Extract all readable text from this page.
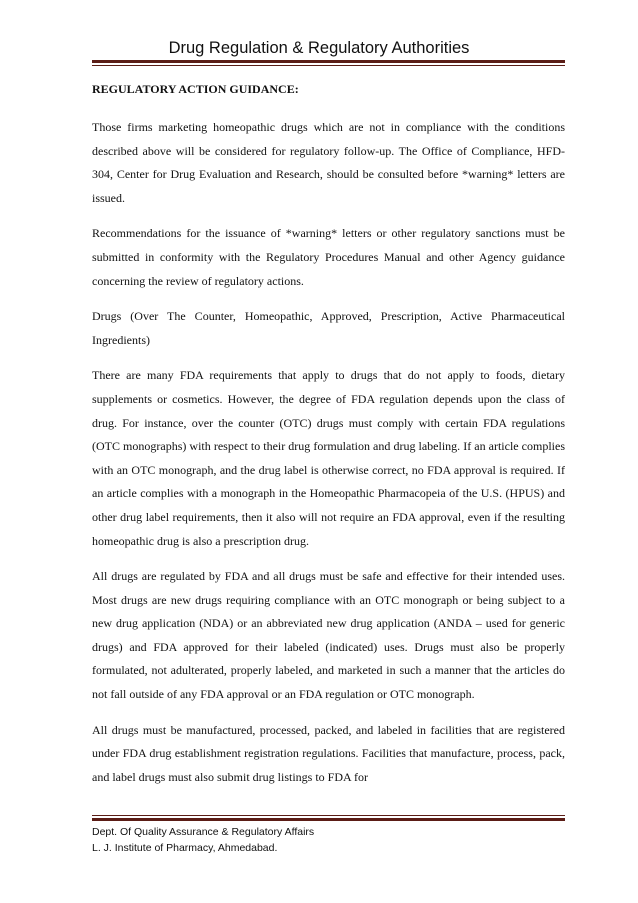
Drug Regulation & Regulatory Authorities

REGULATORY ACTION GUIDANCE:

Those firms marketing homeopathic drugs which are not in compliance with the conditions described above will be considered for regulatory follow-up. The Office of Compliance, HFD-304, Center for Drug Evaluation and Research, should be consulted before *warning* letters are issued.

Recommendations for the issuance of *warning* letters or other regulatory sanctions must be submitted in conformity with the Regulatory Procedures Manual and other Agency guidance concerning the review of regulatory actions.

Drugs (Over The Counter, Homeopathic, Approved, Prescription, Active Pharmaceutical Ingredients)

There are many FDA requirements that apply to drugs that do not apply to foods, dietary supplements or cosmetics. However, the degree of FDA regulation depends upon the class of drug. For instance, over the counter (OTC) drugs must comply with certain FDA regulations (OTC monographs) with respect to their drug formulation and drug labeling. If an article complies with an OTC monograph, and the drug label is otherwise correct, no FDA approval is required. If an article complies with a monograph in the Homeopathic Pharmacopeia of the U.S. (HPUS) and other drug label requirements, then it also will not require an FDA approval, even if the resulting homeopathic drug is also a prescription drug.

All drugs are regulated by FDA and all drugs must be safe and effective for their intended uses. Most drugs are new drugs requiring compliance with an OTC monograph or being subject to a new drug application (NDA) or an abbreviated new drug application (ANDA – used for generic drugs) and FDA approved for their labeled (indicated) uses. Drugs must also be properly formulated, not adulterated, properly labeled, and marketed in such a manner that the articles do not fall outside of any FDA approval or an FDA regulation or OTC monograph.

All drugs must be manufactured, processed, packed, and labeled in facilities that are registered under FDA drug establishment registration regulations. Facilities that manufacture, process, pack, and label drugs must also submit drug listings to FDA for

Dept. Of Quality Assurance & Regulatory Affairs
L. J. Institute of Pharmacy, Ahmedabad.
